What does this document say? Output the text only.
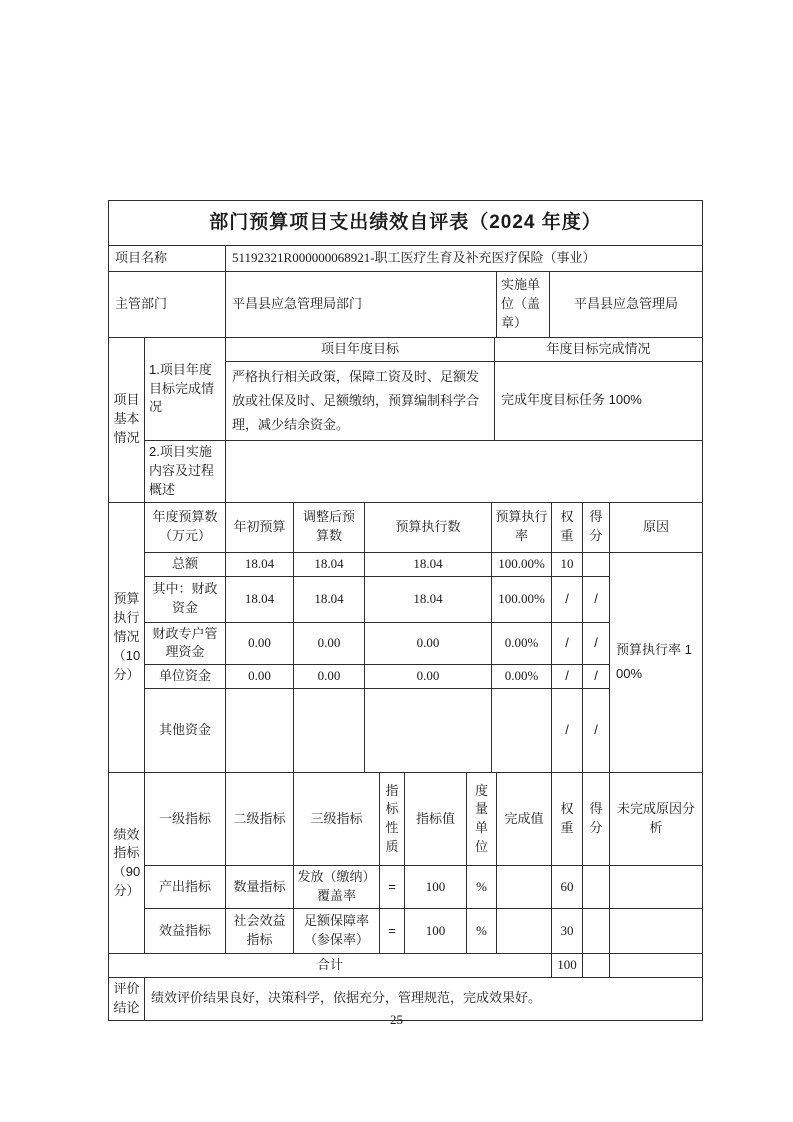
部门预算项目支出绩效自评表（2024 年度）			
项目名称	51192321R000000068921-职工医疗生育及补充医疗保险（事业）		
主管部门	平昌县应急管理局部门	实施单位（盖章）	平昌县应急管理局
项目基本情况	1.项目年度目标完成情况	项目年度目标	年度目标完成情况
		严格执行相关政策，保障工资及时、足额发放或社保及时、足额缴纳，预算编制科学合理，减少结余资金。	完成年度目标任务 100%
	2.项目实施内容及过程概述		
预算执行情况（10分）	年度预算数（万元）	年初预算	调整后预算数	预算执行数	预算执行率	权重	得分	原因
	总额	18.04	18.04	18.04	100.00%	10		预算执行率 100%
	其中：财政资金	18.04	18.04	18.04	100.00%	/	/	
	财政专户管理资金	0.00	0.00	0.00	0.00%	/	/	
	单位资金	0.00	0.00	0.00	0.00%	/	/	
	其他资金					/	/	
绩效指标（90分）	一级指标	二级指标	三级指标	指标性质	指标值	度量单位	完成值	权重	得分	未完成原因分析
	产出指标	数量指标	发放（缴纳）覆盖率	=	100	%		60		
	效益指标	社会效益指标	足额保障率（参保率）	=	100	%		30		
合计	100		
评价结论	绩效评价结果良好，决策科学，依据充分，管理规范，完成效果好。
25
